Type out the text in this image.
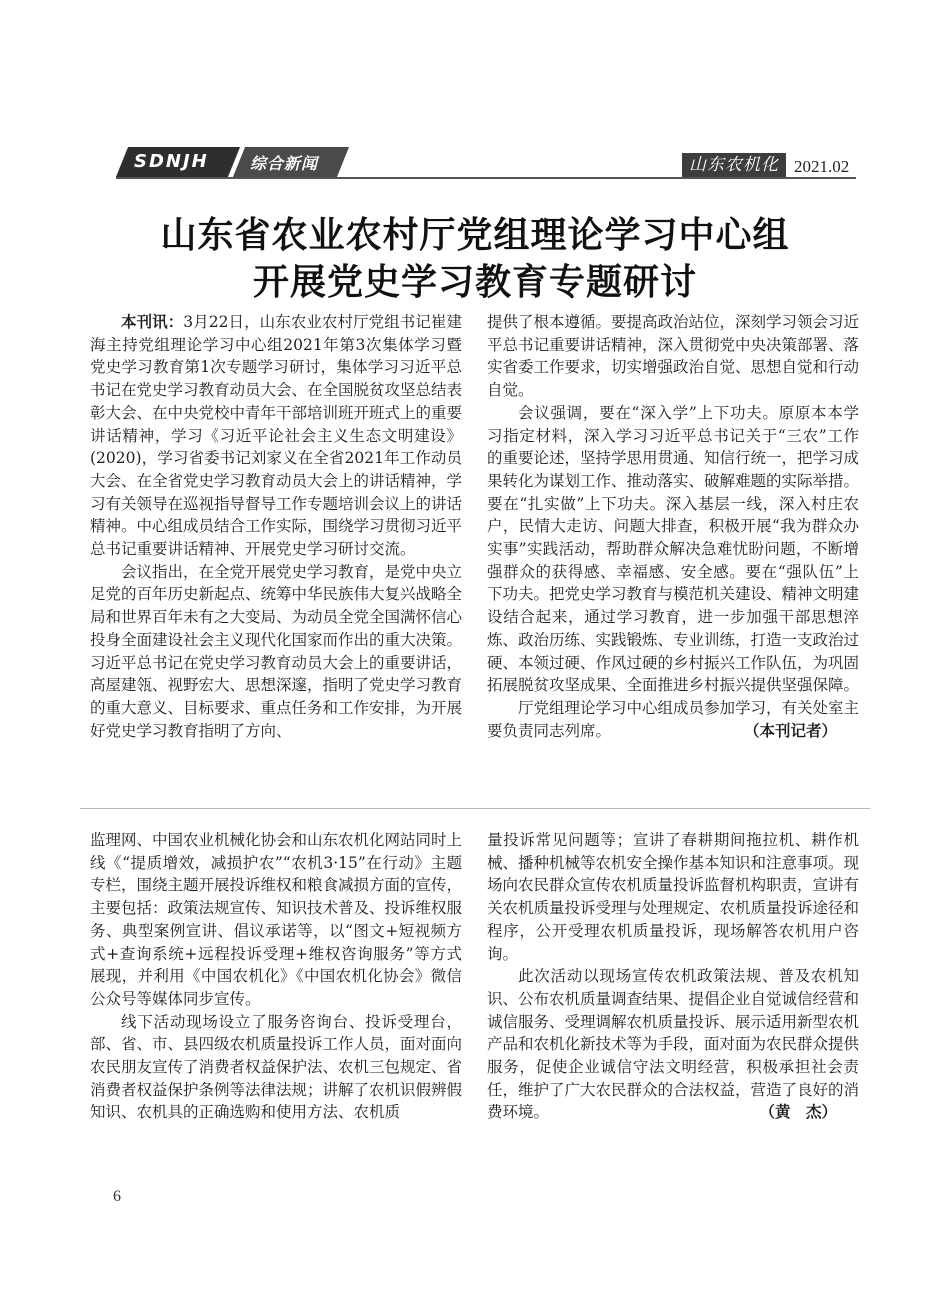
SDNJH	综合新闻	山东农机化 2021.02
山东省农业农村厅党组理论学习中心组
开展党史学习教育专题研讨

本刊讯：3月22日，山东农业农村厅党组书记崔建海主持党组理论学习中心组2021年第3次集体学习暨党史学习教育第1次专题学习研讨，集体学习习近平总书记在党史学习教育动员大会、在全国脱贫攻坚总结表彰大会、在中央党校中青年干部培训班开班式上的重要讲话精神，学习《习近平论社会主义生态文明建设》(2020)，学习省委书记刘家义在全省2021年工作动员大会、在全省党史学习教育动员大会上的讲话精神，学习有关领导在巡视指导督导工作专题培训会议上的讲话精神。中心组成员结合工作实际，围绕学习贯彻习近平总书记重要讲话精神、开展党史学习研讨交流。

会议指出，在全党开展党史学习教育，是党中央立足党的百年历史新起点、统筹中华民族伟大复兴战略全局和世界百年未有之大变局、为动员全党全国满怀信心投身全面建设社会主义现代化国家而作出的重大决策。习近平总书记在党史学习教育动员大会上的重要讲话，高屋建瓴、视野宏大、思想深邃，指明了党史学习教育的重大意义、目标要求、重点任务和工作安排，为开展好党史学习教育指明了方向、

提供了根本遵循。要提高政治站位，深刻学习领会习近平总书记重要讲话精神，深入贯彻党中央决策部署、落实省委工作要求，切实增强政治自觉、思想自觉和行动自觉。

会议强调，要在“深入学”上下功夫。原原本本学习指定材料，深入学习习近平总书记关于“三农”工作的重要论述，坚持学思用贯通、知信行统一，把学习成果转化为谋划工作、推动落实、破解难题的实际举措。要在“扎实做”上下功夫。深入基层一线，深入村庄农户，民情大走访、问题大排查，积极开展“我为群众办实事”实践活动，帮助群众解决急难忧盼问题，不断增强群众的获得感、幸福感、安全感。要在“强队伍”上下功夫。把党史学习教育与模范机关建设、精神文明建设结合起来，通过学习教育，进一步加强干部思想淬炼、政治历练、实践锻炼、专业训练，打造一支政治过硬、本领过硬、作风过硬的乡村振兴工作队伍，为巩固拓展脱贫攻坚成果、全面推进乡村振兴提供坚强保障。

厅党组理论学习中心组成员参加学习，有关处室主要负责同志列席。	（本刊记者）

监理网、中国农业机械化协会和山东农机化网站同时上线《“提质增效，减损护农”“农机3·15”在行动》主题专栏，围绕主题开展投诉维权和粮食减损方面的宣传，主要包括：政策法规宣传、知识技术普及、投诉维权服务、典型案例宣讲、倡议承诺等，以“图文+短视频方式+查询系统+远程投诉受理+维权咨询服务”等方式展现，并利用《中国农机化》《中国农机化协会》微信公众号等媒体同步宣传。

线下活动现场设立了服务咨询台、投诉受理台，部、省、市、县四级农机质量投诉工作人员，面对面向农民朋友宣传了消费者权益保护法、农机三包规定、省消费者权益保护条例等法律法规；讲解了农机识假辨假知识、农机具的正确选购和使用方法、农机质

量投诉常见问题等；宣讲了春耕期间拖拉机、耕作机械、播种机械等农机安全操作基本知识和注意事项。现场向农民群众宣传农机质量投诉监督机构职责，宣讲有关农机质量投诉受理与处理规定、农机质量投诉途径和程序，公开受理农机质量投诉，现场解答农机用户咨询。

此次活动以现场宣传农机政策法规、普及农机知识、公布农机质量调查结果、提倡企业自觉诚信经营和诚信服务、受理调解农机质量投诉、展示适用新型农机产品和农机化新技术等为手段，面对面为农民群众提供服务，促使企业诚信守法文明经营，积极承担社会责任，维护了广大农民群众的合法权益，营造了良好的消费环境。	（黄　杰）

6
